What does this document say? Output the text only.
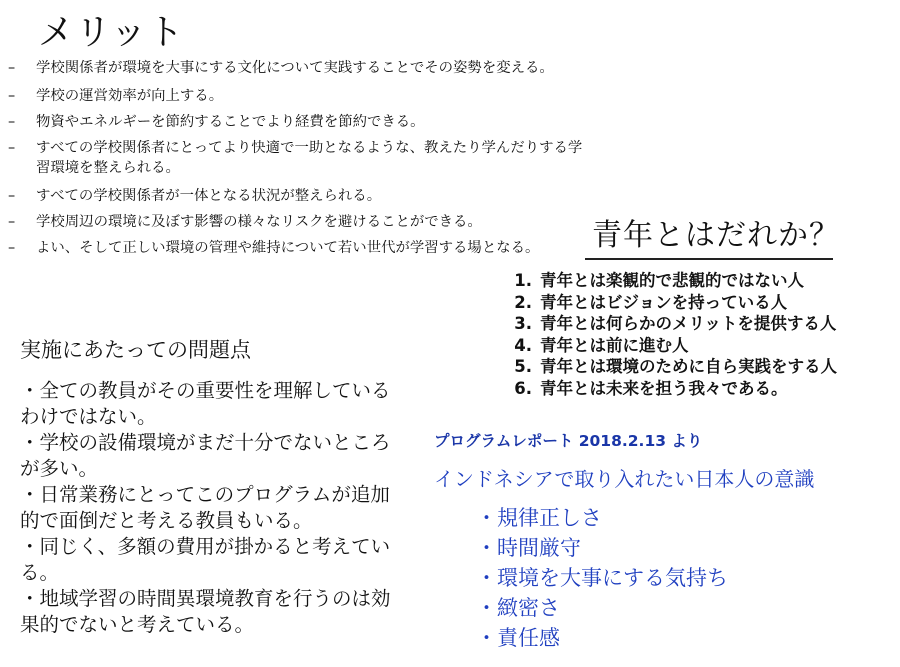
メリット
–	学校関係者が環境を大事にする文化について実践することでその姿勢を変える。
–	学校の運営効率が向上する。
–	物資やエネルギーを節約することでより経費を節約できる。
–	すべての学校関係者にとってより快適で一助となるような、教えたり学んだりする学習環境を整えられる。
–	すべての学校関係者が一体となる状況が整えられる。
–	学校周辺の環境に及ぼす影響の様々なリスクを避けることができる。
–	よい、そして正しい環境の管理や維持について若い世代が学習する場となる。	青年とはだれか？
1. 青年とは楽観的で悲観的ではない人
2. 青年とはビジョンを持っている人
3. 青年とは何らかのメリットを提供する人
4. 青年とは前に進む人
5. 青年とは環境のために自ら実践をする人
6. 青年とは未来を担う我々である。
実施にあたっての問題点

・全ての教員がその重要性を理解しているわけではない。

・学校の設備環境がまだ十分でないところが多い。

・日常業務にとってこのプログラムが追加的で面倒だと考える教員もいる。

・同じく、多額の費用が掛かると考えている。

・地域学習の時間異環境教育を行うのは効果的でないと考えている。

プログラムレポート 2018.2.13 より
インドネシアで取り入れたい日本人の意識
・規律正しさ
・時間厳守
・環境を大事にする気持ち
・緻密さ
・責任感
